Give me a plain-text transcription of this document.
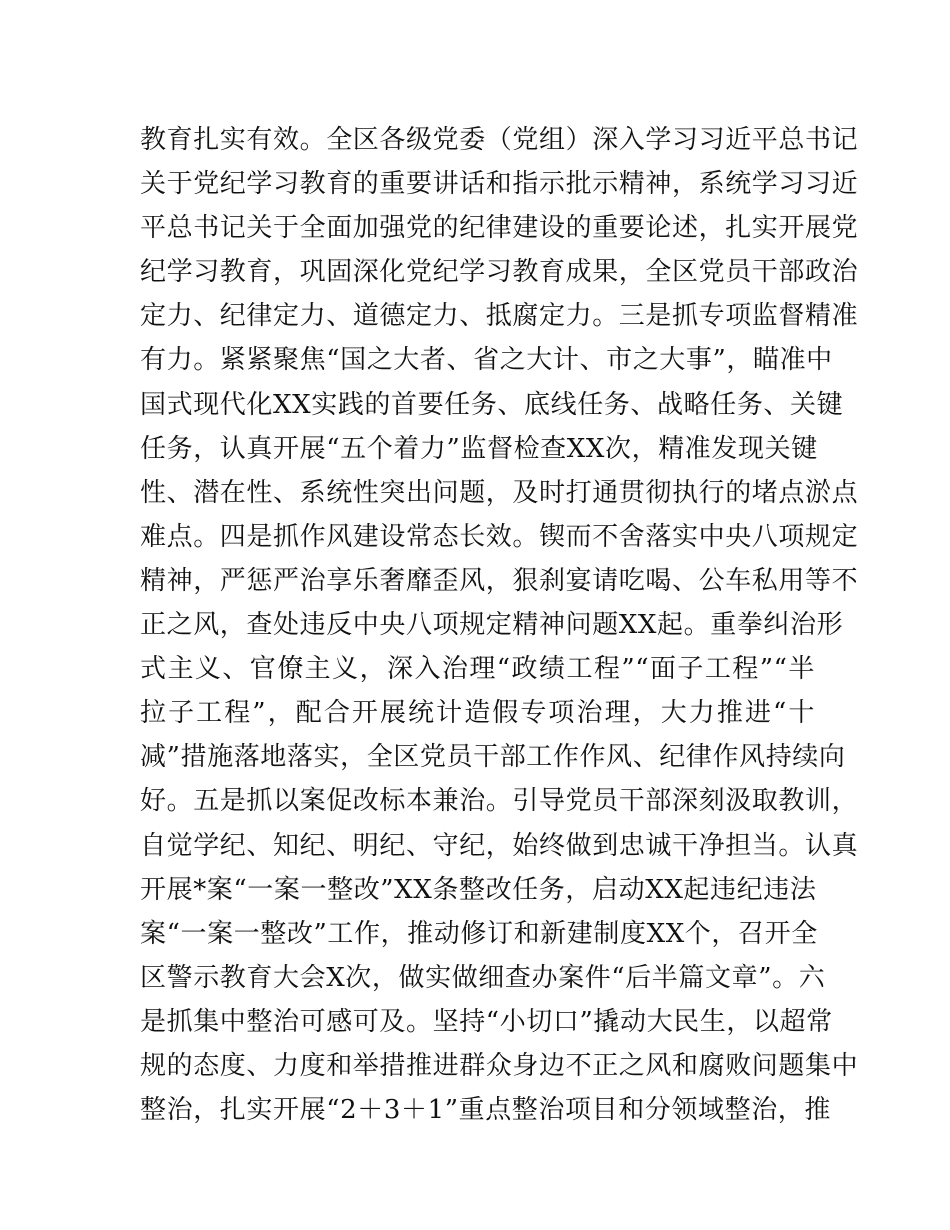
教育扎实有效。全区各级党委（党组）深入学习习近平总书记
关于党纪学习教育的重要讲话和指示批示精神，系统学习习近
平总书记关于全面加强党的纪律建设的重要论述，扎实开展党
纪学习教育，巩固深化党纪学习教育成果，全区党员干部政治
定力、纪律定力、道德定力、抵腐定力。三是抓专项监督精准
有力。紧紧聚焦“国之大者、省之大计、市之大事”，瞄准中
国式现代化XX实践的首要任务、底线任务、战略任务、关键
任务，认真开展“五个着力”监督检查XX次，精准发现关键
性、潜在性、系统性突出问题，及时打通贯彻执行的堵点淤点
难点。四是抓作风建设常态长效。锲而不舍落实中央八项规定
精神，严惩严治享乐奢靡歪风，狠刹宴请吃喝、公车私用等不
正之风，查处违反中央八项规定精神问题XX起。重拳纠治形
式主义、官僚主义，深入治理“政绩工程”“面子工程”“半
拉子工程”，配合开展统计造假专项治理，大力推进“十
减”措施落地落实，全区党员干部工作作风、纪律作风持续向
好。五是抓以案促改标本兼治。引导党员干部深刻汲取教训，
自觉学纪、知纪、明纪、守纪，始终做到忠诚干净担当。认真
开展*案“一案一整改”XX条整改任务，启动XX起违纪违法
案“一案一整改”工作，推动修订和新建制度XX个，召开全
区警示教育大会X次，做实做细查办案件“后半篇文章”。六
是抓集中整治可感可及。坚持“小切口”撬动大民生，以超常
规的态度、力度和举措推进群众身边不正之风和腐败问题集中
整治，扎实开展“2＋3＋1”重点整治项目和分领域整治，推
